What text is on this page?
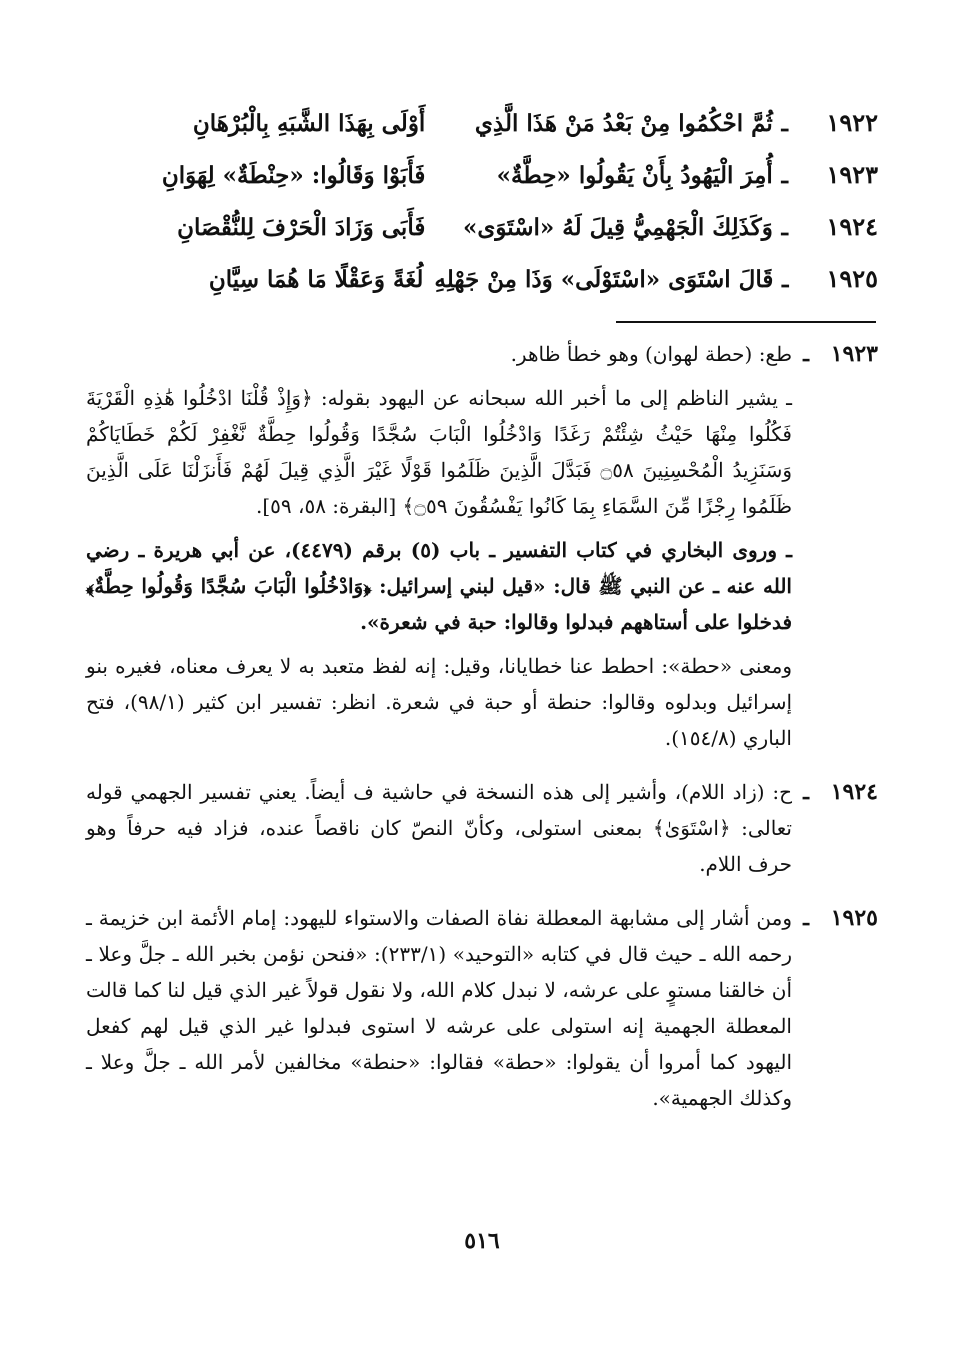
١٩٢٢
ـ
ثُمَّ احْكُمُوا مِنْ بَعْدُ مَنْ هَذَا الَّذِي
أَوْلَى بِهَذَا الشَّبَهِ بِالْبُرْهَانِ
١٩٢٣
ـ
أُمِرَ الْيَهُودُ بِأَنْ يَقُولُوا «حِطَّةٌ»
فَأَبَوْا وَقَالُوا: «حِنْطَةٌ» لِهَوَانِ
١٩٢٤
ـ
وَكَذَلِكَ الْجَهْمِيُّ قِيلَ لَهُ «اسْتَوَى»
فَأَبَى وَزَادَ الْحَرْفَ لِلنُّقْصَانِ
١٩٢٥
ـ
قَالَ اسْتَوَى «اسْتَوْلَى» وَذَا مِنْ جَهْلِهِ
لُغَةً وَعَقْلًا مَا هُمَا سِيَّانِ
١٩٢٣
ـ

طع: (حطة لهوان) وهو خطأ ظاهر.

ـ يشير الناظم إلى ما أخبر الله سبحانه عن اليهود بقوله: ﴿وَإِذْ قُلْنَا ادْخُلُوا هَٰذِهِ الْقَرْيَةَ فَكُلُوا مِنْهَا حَيْثُ شِئْتُمْ رَغَدًا وَادْخُلُوا الْبَابَ سُجَّدًا وَقُولُوا حِطَّةٌ نَّغْفِرْ لَكُمْ خَطَايَاكُمْ وَسَنَزِيدُ الْمُحْسِنِينَ ۝٥٨ فَبَدَّلَ الَّذِينَ ظَلَمُوا قَوْلًا غَيْرَ الَّذِي قِيلَ لَهُمْ فَأَنزَلْنَا عَلَى الَّذِينَ ظَلَمُوا رِجْزًا مِّنَ السَّمَاءِ بِمَا كَانُوا يَفْسُقُونَ ۝٥٩﴾ [البقرة: ٥٨، ٥٩].

ـ وروى البخاري في كتاب التفسير ـ باب (٥) برقم (٤٤٧٩)، عن أبي هريرة ـ رضي الله عنه ـ عن النبي ﷺ قال: «قيل لبني إسرائيل: ﴿وَادْخُلُوا الْبَابَ سُجَّدًا وَقُولُوا حِطَّةٌ﴾ فدخلوا على أستاههم فبدلوا وقالوا: حبة في شعرة».

ومعنى «حطة»: احطط عنا خطايانا، وقيل: إنه لفظ متعبد به لا يعرف معناه، فغيره بنو إسرائيل وبدلوه وقالوا: حنطة أو حبة في شعرة. انظر: تفسير ابن كثير (٩٨/١)، فتح الباري (١٥٤/٨).

١٩٢٤
ـ

ح: (زاد اللام)، وأشير إلى هذه النسخة في حاشية ف أيضاً. يعني تفسير الجهمي قوله تعالى: ﴿اسْتَوَىٰ﴾ بمعنى استولى، وكأنّ النصّ كان ناقصاً عنده، فزاد فيه حرفاً وهو حرف اللام.

١٩٢٥
ـ

ومن أشار إلى مشابهة المعطلة نفاة الصفات والاستواء لليهود: إمام الأئمة ابن خزيمة ـ رحمه الله ـ حيث قال في كتابه «التوحيد» (٢٣٣/١): «فنحن نؤمن بخبر الله ـ جلَّ وعلا ـ أن خالقنا مستوٍ على عرشه، لا نبدل كلام الله، ولا نقول قولاً غير الذي قيل لنا كما قالت المعطلة الجهمية إنه استولى على عرشه لا استوى فبدلوا غير الذي قيل لهم كفعل اليهود كما أمروا أن يقولوا: «حطة» فقالوا: «حنطة» مخالفين لأمر الله ـ جلَّ وعلا ـ وكذلك الجهمية».

٥١٦
